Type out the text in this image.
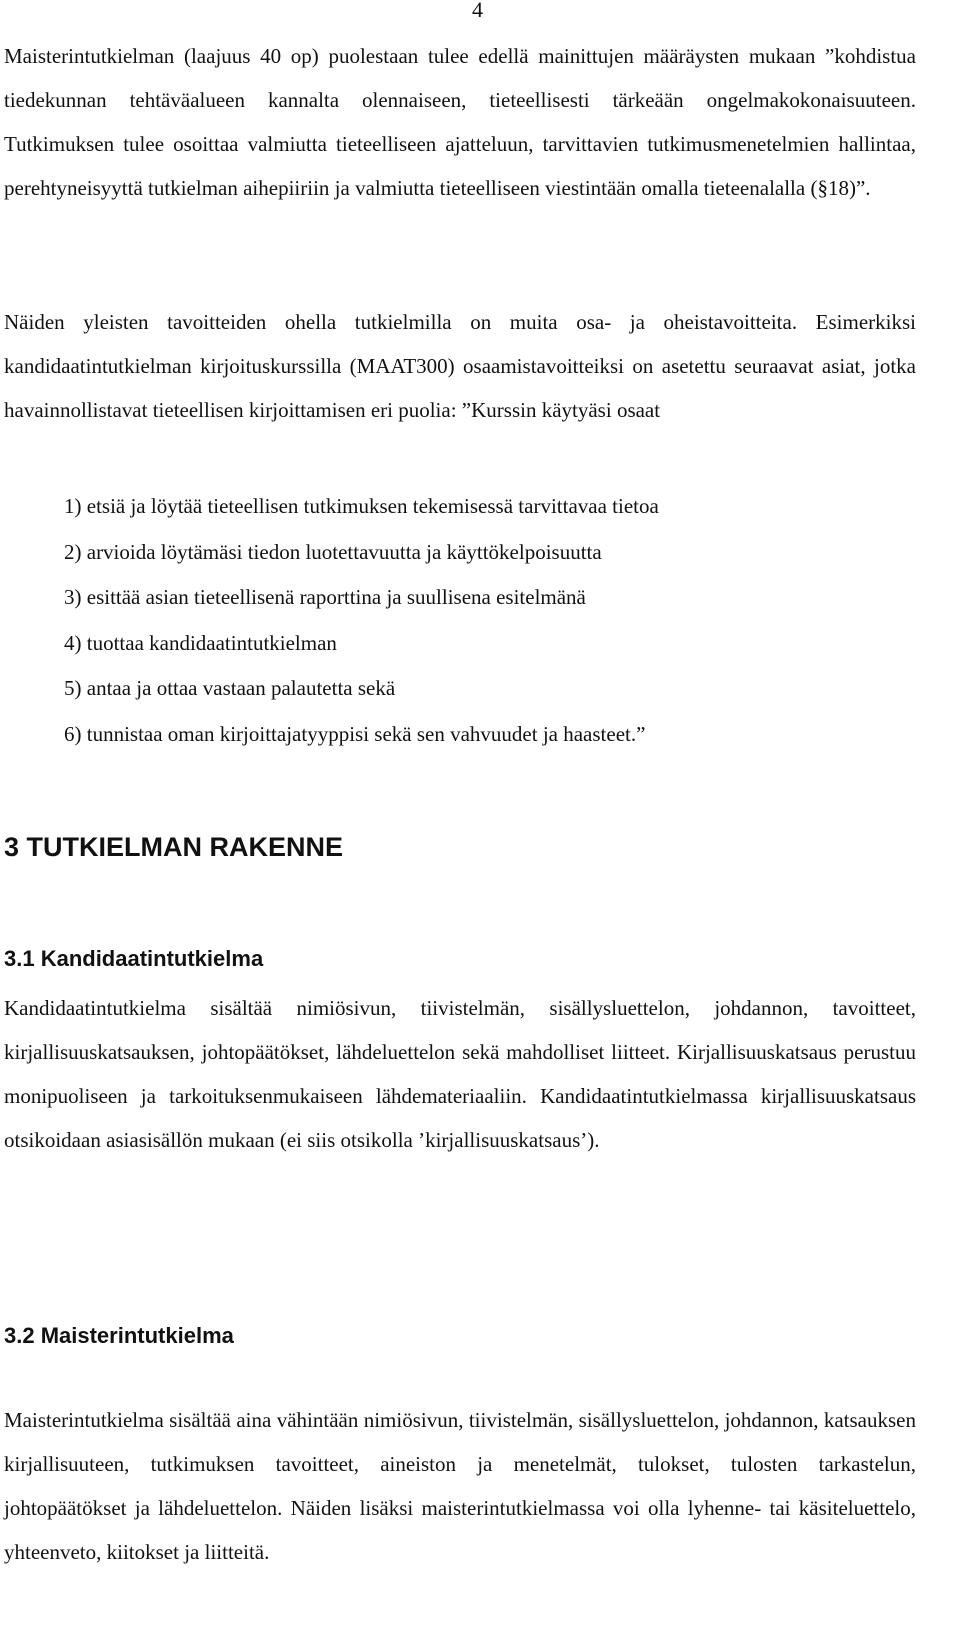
4

Maisterintutkielman (laajuus 40 op) puolestaan tulee edellä mainittujen määräysten mukaan ”kohdistua tiedekunnan tehtäväalueen kannalta olennaiseen, tieteellisesti tärkeään ongelmakokonaisuuteen. Tutkimuksen tulee osoittaa valmiutta tieteelliseen ajatteluun, tarvittavien tutkimusmenetelmien hallintaa, perehtyneisyyttä tutkielman aihepiiriin ja valmiutta tieteelliseen viestintään omalla tieteenalalla (§18)”.

Näiden yleisten tavoitteiden ohella tutkielmilla on muita osa- ja oheistavoitteita. Esimerkiksi kandidaatintutkielman kirjoituskurssilla (MAAT300) osaamistavoitteiksi on asetettu seuraavat asiat, jotka havainnollistavat tieteellisen kirjoittamisen eri puolia: ”Kurssin käytyäsi osaat

1) etsiä ja löytää tieteellisen tutkimuksen tekemisessä tarvittavaa tietoa
2) arvioida löytämäsi tiedon luotettavuutta ja käyttökelpoisuutta
3) esittää asian tieteellisenä raporttina ja suullisena esitelmänä
4) tuottaa kandidaatintutkielman
5) antaa ja ottaa vastaan palautetta sekä
6) tunnistaa oman kirjoittajatyyppisi sekä sen vahvuudet ja haasteet.”
3 TUTKIELMAN RAKENNE
3.1 Kandidaatintutkielma

Kandidaatintutkielma sisältää nimiösivun, tiivistelmän, sisällysluettelon, johdannon, tavoitteet, kirjallisuuskatsauksen, johtopäätökset, lähdeluettelon sekä mahdolliset liitteet. Kirjallisuuskatsaus perustuu monipuoliseen ja tarkoituksenmukaiseen lähdemateriaaliin. Kandidaatintutkielmassa kirjallisuuskatsaus otsikoidaan asiasisällön mukaan (ei siis otsikolla ’kirjallisuuskatsaus’).

3.2 Maisterintutkielma

Maisterintutkielma sisältää aina vähintään nimiösivun, tiivistelmän, sisällysluettelon, johdannon, katsauksen kirjallisuuteen, tutkimuksen tavoitteet, aineiston ja menetelmät, tulokset, tulosten tarkastelun, johtopäätökset ja lähdeluettelon. Näiden lisäksi maisterintutkielmassa voi olla lyhenne- tai käsiteluettelo, yhteenveto, kiitokset ja liitteitä.
